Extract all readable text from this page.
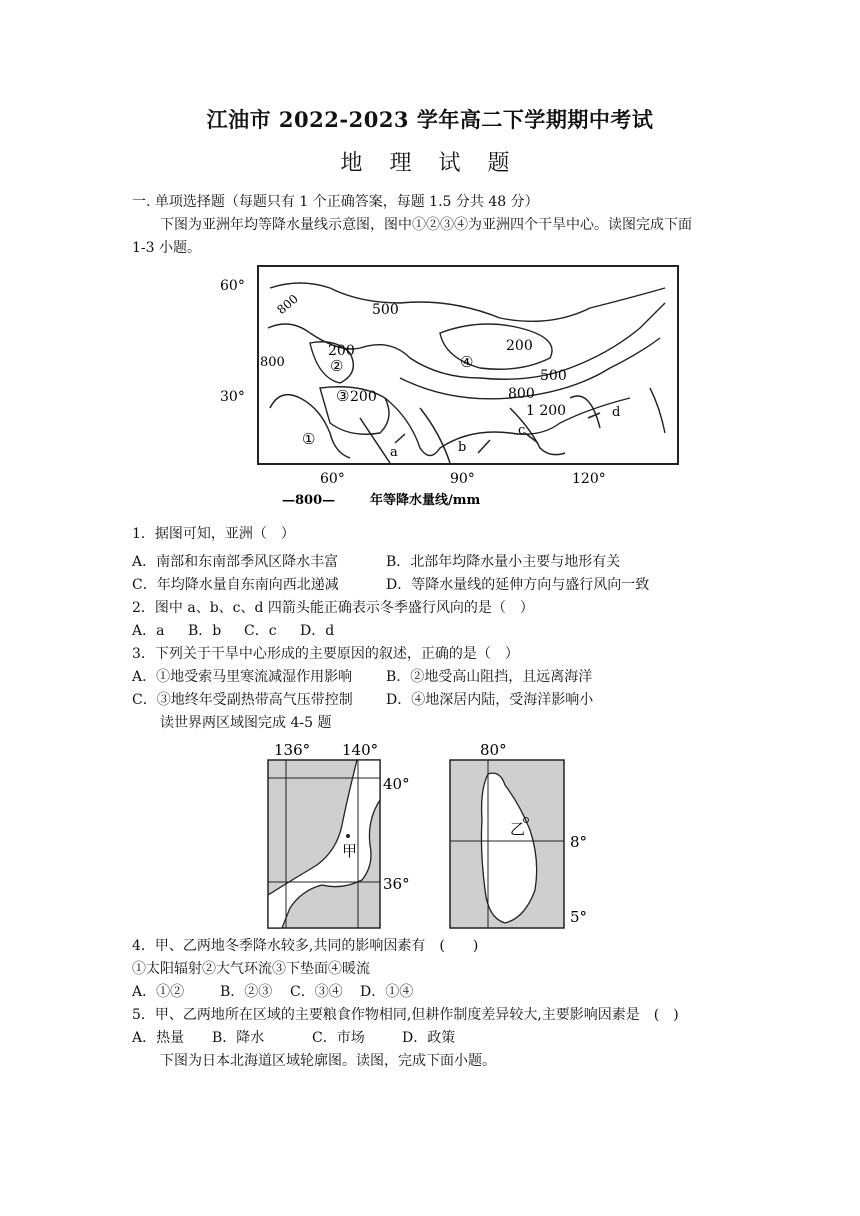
江油市 2022-2023 学年高二下学期期中考试
地 理 试 题
一. 单项选择题（每题只有 1 个正确答案，每题 1.5 分共 48 分）
下图为亚洲年均等降水量线示意图，图中①②③④为亚洲四个干旱中心。读图完成下面
1-3 小题。
60°
30°
60°	90°	120°
800	500
200
800
200
200
500
800
1 200
①
②
③
④
a	b
c
d
—800—	年等降水量线/mm
1．据图可知，亚洲（　）
A．南部和东南部季风区降水丰富	B．北部年均降水量小主要与地形有关
C．年均降水量自东南向西北递减	D．等降水量线的延伸方向与盛行风向一致
2．图中 a、b、c、d 四箭头能正确表示冬季盛行风向的是（　）
A．a B．b C．c D．d
3．下列关于干旱中心形成的主要原因的叙述，正确的是（　）
A．①地受索马里寒流减湿作用影响 B．②地受高山阻挡，且远离海洋
C．③地终年受副热带高气压带控制 D．④地深居内陆，受海洋影响小
读世界两区域图完成 4-5 题
136° 140°
40°
36°
甲
80°
8°
5°
乙
4．甲、乙两地冬季降水较多,共同的影响因素有　(　　)
①太阳辐射②大气环流③下垫面④暖流
A．①②	B．②③ C．③④ D．①④
5．甲、乙两地所在区域的主要粮食作物相同,但耕作制度差异较大,主要影响因素是　(　)
A．热量 B．降水	C．市场	D．政策
下图为日本北海道区域轮廓图。读图，完成下面小题。
